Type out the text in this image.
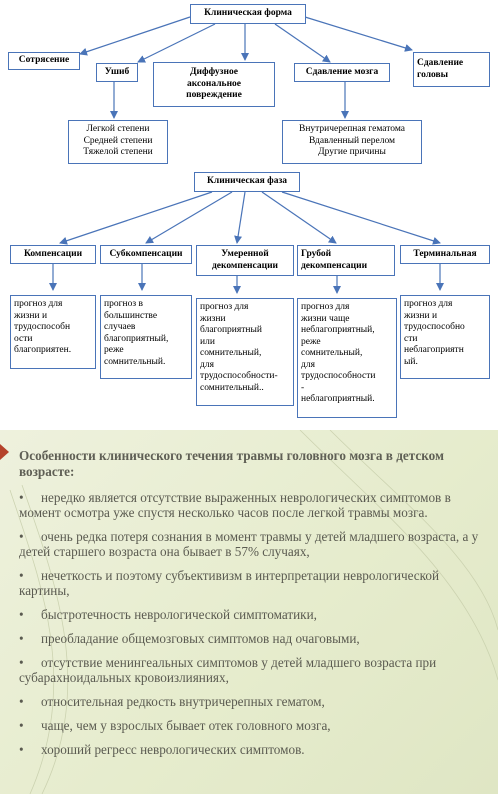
Клиническая форма
Сотрясение
Ушиб	Диффузное
аксональное
повреждение
Сдавление мозга
Сдавление
головы
Легкой степени
Средней степени
Тяжелой степени
Внутричерепная гематома
Вдавленный перелом
Другие причины
Клиническая фаза
Компенсации	Субкомпенсации	Умеренной
декомпенсации
Грубой
декомпенсации
Терминальная
прогноз для
жизни и
трудоспособн
ости
благоприятен.
прогноз в
большинстве
случаев
благоприятный,
реже
сомнительный.
прогноз для
жизни
благоприятный
или
сомнительный,
для
трудоспособности-
сомнительный..
прогноз для
жизни чаще
неблагоприятный,
реже
сомнительный,
для
трудоспособности
-
неблагоприятный.
прогноз для
жизни и
трудоспособно
сти
неблагоприятн
ый.
Особенности клинического течения травмы головного мозга в детском возрасте:
• нередко является отсутствие выраженных неврологических симптомов в момент осмотра уже спустя несколько часов после легкой травмы мозга.
• очень редка потеря сознания в момент травмы у детей младшего возраста, а у детей старшего возраста она бывает в 57% случаях,
• нечеткость и поэтому субъективизм в интерпретации неврологической картины,
• быстротечность неврологической симптоматики,
• преобладание общемозговых симптомов над очаговыми,
• отсутствие менингеальных симптомов у детей младшего возраста при субарахноидальных кровоизлияниях,
• относительная редкость внутричерепных гематом,
• чаще, чем у взрослых бывает отек головного мозга,
• хороший регресс неврологических симптомов.
